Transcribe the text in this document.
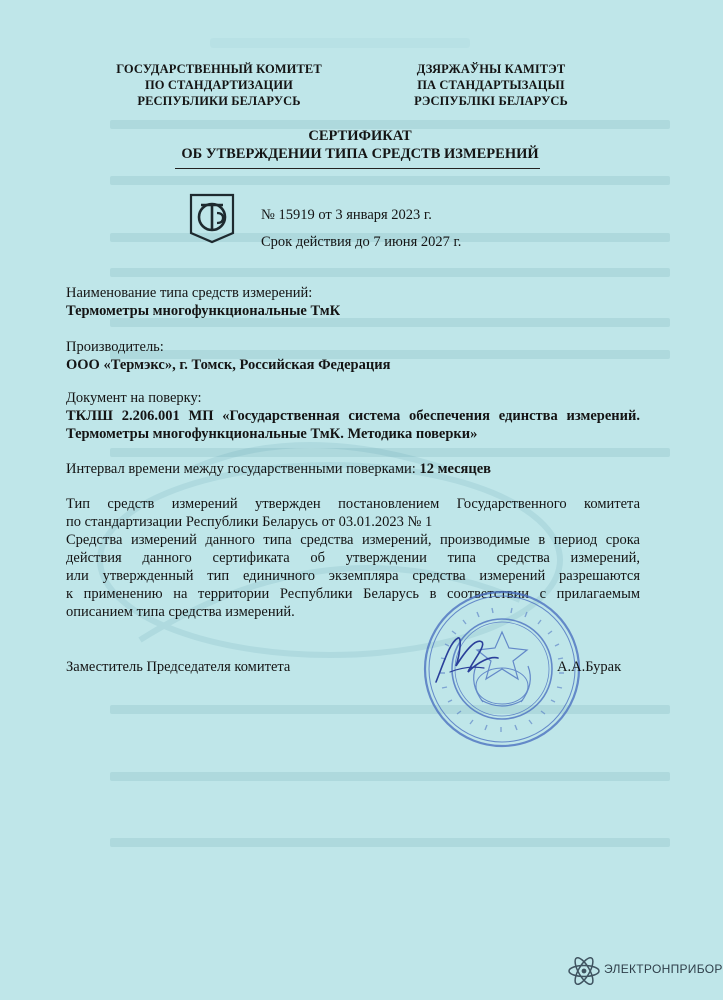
ГОСУДАРСТВЕННЫЙ КОМИТЕТ
ПО СТАНДАРТИЗАЦИИ
РЕСПУБЛИКИ БЕЛАРУСЬ
ДЗЯРЖАЎНЫ КАМІТЭТ
ПА СТАНДАРТЫЗАЦЫІ
РЭСПУБЛІКІ БЕЛАРУСЬ
СЕРТИФИКАТ
ОБ УТВЕРЖДЕНИИ ТИПА СРЕДСТВ ИЗМЕРЕНИЙ
№ 15919 от 3 января 2023 г.
Срок действия до 7 июня 2027 г.
Наименование типа средств измерений:
Термометры многофункциональные ТмК
Производитель:
ООО «Термэкс», г. Томск, Российская Федерация
Документ на поверку:
ТКЛШ 2.206.001 МП «Государственная система обеспечения единства измерений.
Термометры многофункциональные ТмК. Методика поверки»
Интервал времени между государственными поверками: 12 месяцев
Тип средств измерений утвержден постановлением Государственного комитета
по стандартизации Республики Беларусь от 03.01.2023 № 1
Средства измерений данного типа средства измерений, производимые в период срока
действия данного сертификата об утверждении типа средства измерений,
или утвержденный тип единичного экземпляра средства измерений разрешаются
к применению на территории Республики Беларусь в соответствии с прилагаемым
описанием типа средства измерений.
Заместитель Председателя комитета	А.А.Бурак
ЭЛЕКТРОНПРИБОР
